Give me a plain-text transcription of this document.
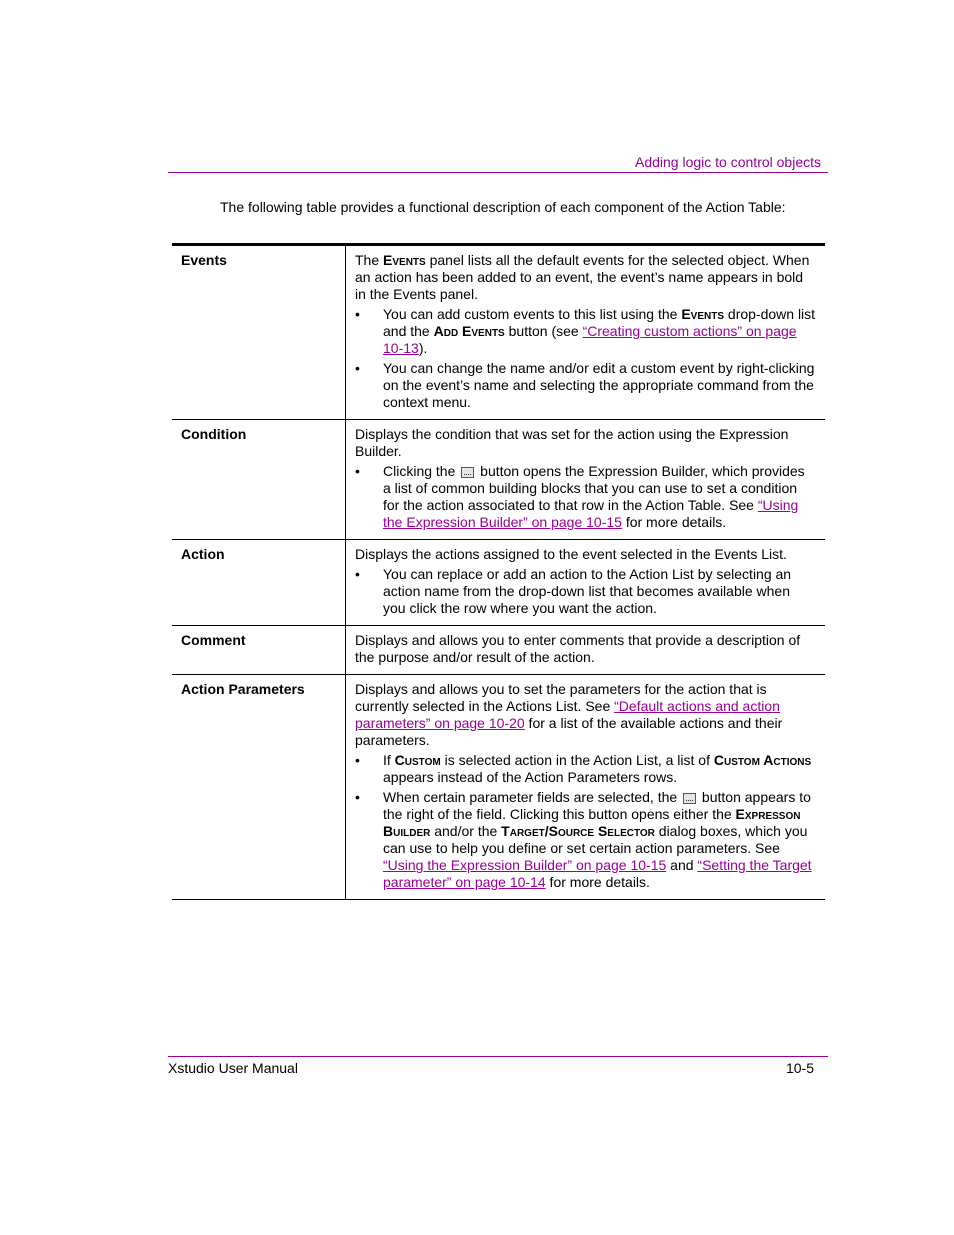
Adding logic to control objects
The following table provides a functional description of each component of the Action Table:
Events	The Events panel lists all the default events for the selected object. When an action has been added to an event, the event’s name appears in bold in the Events panel.

•	You can add custom events to this list using the Events drop-down list and the Add Events button (see “Creating custom actions” on page 10-13).
•	You can change the name and/or edit a custom event by right-clicking on the event’s name and selecting the appropriate command from the context menu.
Condition	Displays the condition that was set for the action using the Expression Builder.

•	Clicking the  button opens the Expression Builder, which provides a list of common building blocks that you can use to set a condition for the action associated to that row in the Action Table. See “Using the Expression Builder” on page 10-15 for more details.
Action	Displays the actions assigned to the event selected in the Events List.

•	You can replace or add an action to the Action List by selecting an action name from the drop-down list that becomes available when you click the row where you want the action.
Comment	Displays and allows you to enter comments that provide a description of the purpose and/or result of the action.

Action Parameters	Displays and allows you to set the parameters for the action that is currently selected in the Actions List. See “Default actions and action parameters” on page 10-20 for a list of the available actions and their parameters.

•	If Custom is selected action in the Action List, a list of Custom Actions appears instead of the Action Parameters rows.
•	When certain parameter fields are selected, the  button appears to the right of the field. Clicking this button opens either the Expresson Builder and/or the Target/Source Selector dialog boxes, which you can use to help you define or set certain action parameters. See “Using the Expression Builder” on page 10-15 and “Setting the Target parameter” on page 10-14 for more details.
Xstudio User Manual	10-5
